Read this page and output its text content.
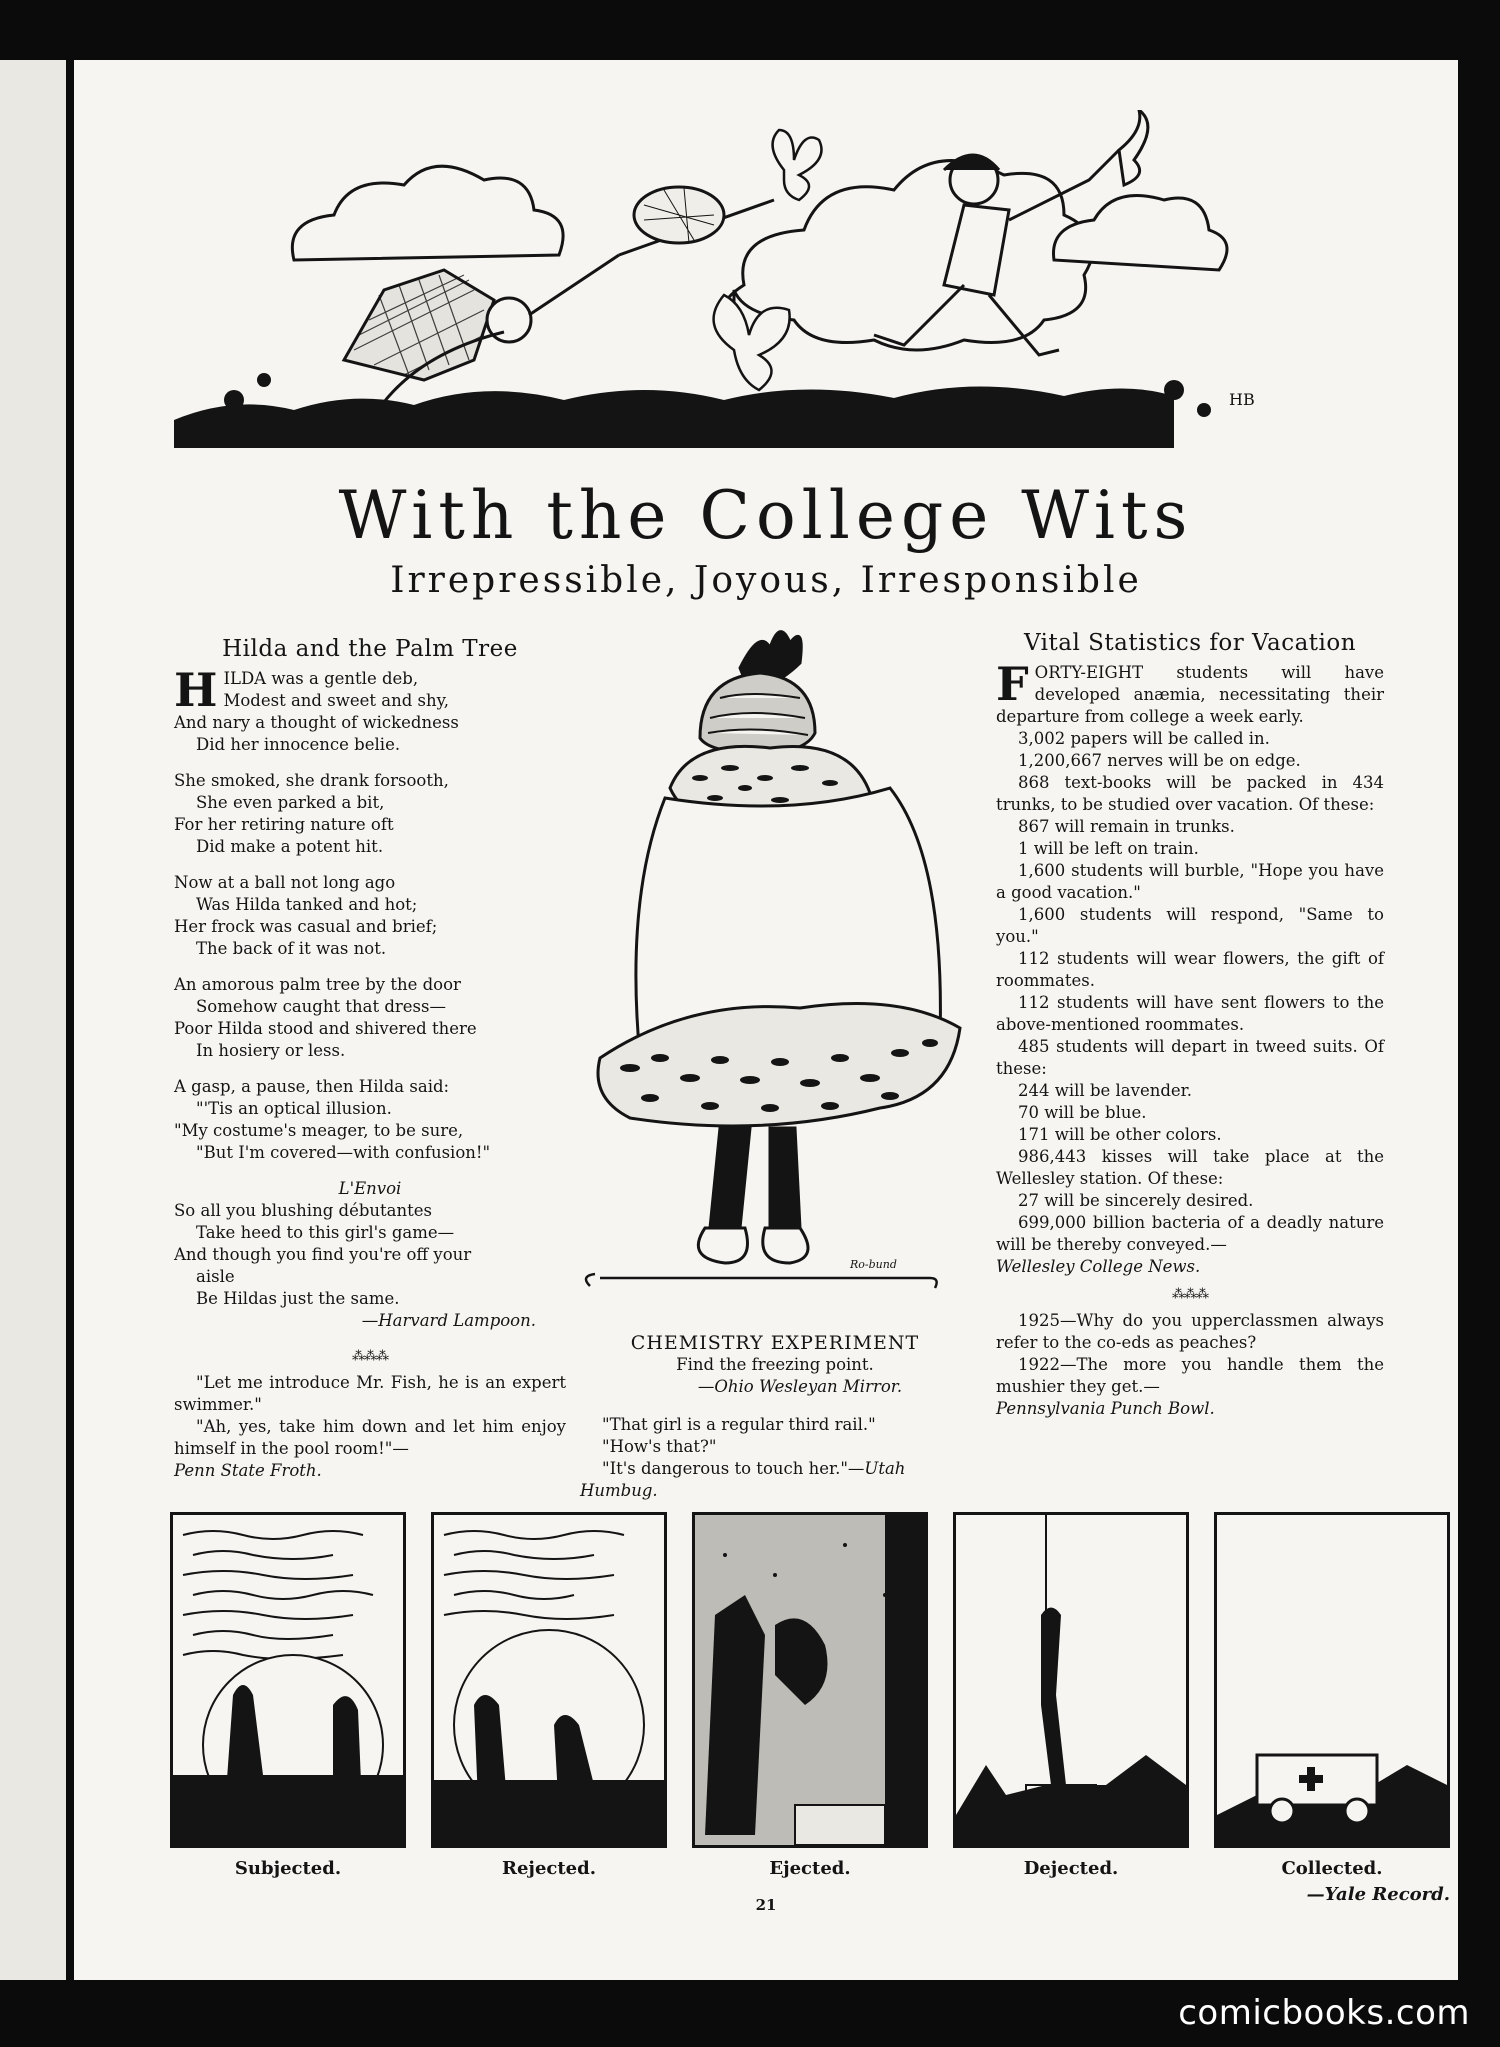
HB
With the College Wits
Irrepressible, Joyous, Irresponsible
Hilda and the Palm Tree
H ILDA was a gentle deb,
Modest and sweet and shy,
And nary a thought of wickedness
Did her innocence belie.
She smoked, she drank forsooth,
She even parked a bit,
For her retiring nature oft
Did make a potent hit.
Now at a ball not long ago
Was Hilda tanked and hot;
Her frock was casual and brief;
The back of it was not.
An amorous palm tree by the door
Somehow caught that dress—
Poor Hilda stood and shivered there
In hosiery or less.
A gasp, a pause, then Hilda said:
"'Tis an optical illusion.
"My costume's meager, to be sure,
"But I'm covered—with confusion!"
L'Envoi
So all you blushing débutantes
Take heed to this girl's game—
And though you find you're off your
aisle
Be Hildas just the same.
—Harvard Lampoon.
⁂⁂⁂
"Let me introduce Mr. Fish, he is an expert swimmer."
"Ah, yes, take him down and let him enjoy himself in the pool room!"—
Penn State Froth.
Ro-bund
CHEMISTRY EXPERIMENT
Find the freezing point.
—Ohio Wesleyan Mirror.
"That girl is a regular third rail."
"How's that?"
"It's dangerous to touch her."—Utah
Humbug.
Vital Statistics for Vacation
F ORTY-EIGHT students will have developed anæmia, necessitating their departure from college a week early.
3,002 papers will be called in.
1,200,667 nerves will be on edge.
868 text-books will be packed in 434 trunks, to be studied over vacation. Of these:
867 will remain in trunks.
1 will be left on train.
1,600 students will burble, "Hope you have a good vacation."
1,600 students will respond, "Same to you."
112 students will wear flowers, the gift of roommates.
112 students will have sent flowers to the above-mentioned roommates.
485 students will depart in tweed suits. Of these:
244 will be lavender.
70 will be blue.
171 will be other colors.
986,443 kisses will take place at the Wellesley station. Of these:
27 will be sincerely desired.
699,000 billion bacteria of a deadly nature will be thereby conveyed.—
Wellesley College News.
⁂⁂⁂
1925—Why do you upperclassmen always refer to the co-eds as peaches?
1922—The more you handle them the mushier they get.—
Pennsylvania Punch Bowl.
Subjected.	Rejected.	Ejected.	Dejected.	Collected.
—Yale Record.
21
comicbooks.com
